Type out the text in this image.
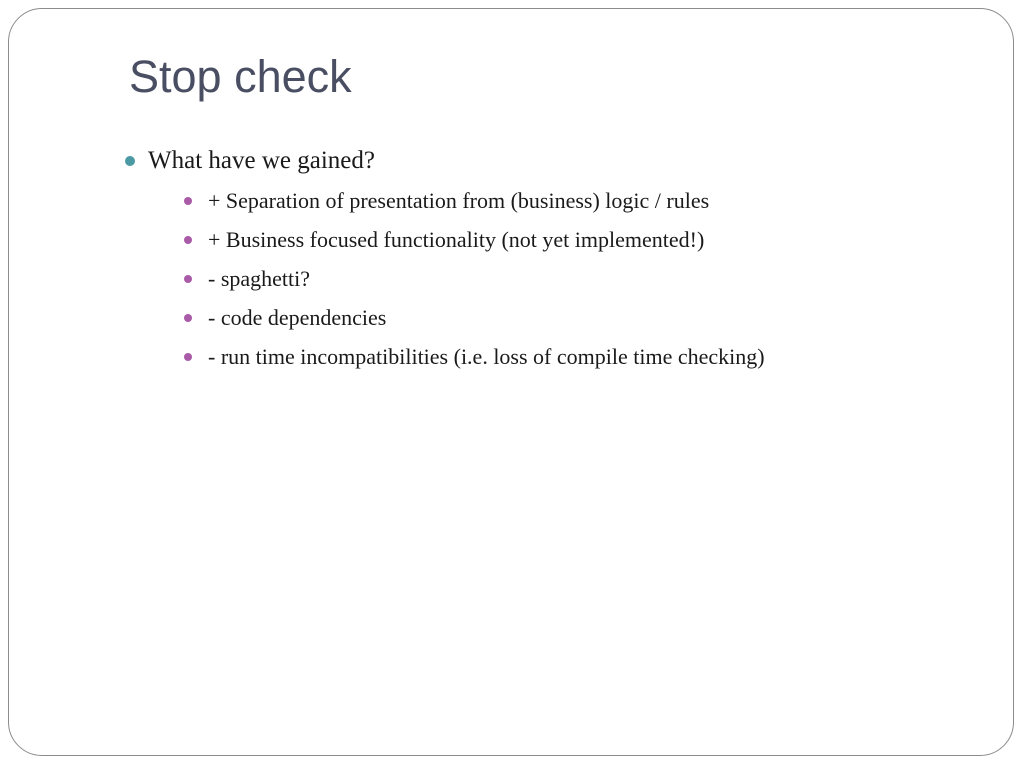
Stop check
What have we gained?
+ Separation of presentation from (business) logic / rules
+ Business focused functionality (not yet implemented!)
- spaghetti?
- code dependencies
- run time incompatibilities (i.e. loss of compile time checking)
